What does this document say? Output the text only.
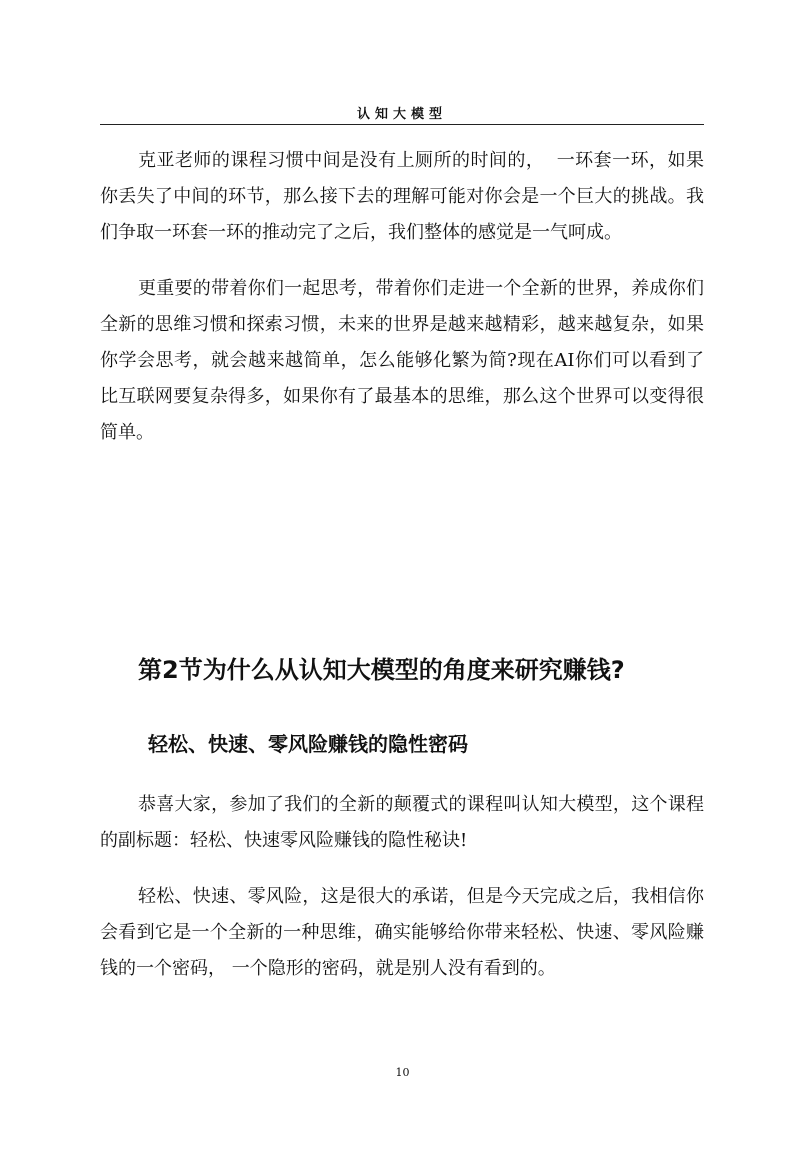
认知大模型

克亚老师的课程习惯中间是没有上厕所的时间的，  一环套一环，如果你丢失了中间的环节，那么接下去的理解可能对你会是一个巨大的挑战。我们争取一环套一环的推动完了之后，我们整体的感觉是一气呵成。

更重要的带着你们一起思考，带着你们走进一个全新的世界，养成你们全新的思维习惯和探索习惯，未来的世界是越来越精彩，越来越复杂，如果你学会思考，就会越来越简单，怎么能够化繁为简?现在AI你们可以看到了比互联网要复杂得多，如果你有了最基本的思维，那么这个世界可以变得很简单。

第2节为什么从认知大模型的角度来研究赚钱?
轻松、快速、零风险赚钱的隐性密码

恭喜大家，参加了我们的全新的颠覆式的课程叫认知大模型，这个课程的副标题：轻松、快速零风险赚钱的隐性秘诀!

轻松、快速、零风险，这是很大的承诺，但是今天完成之后，我相信你会看到它是一个全新的一种思维，确实能够给你带来轻松、快速、零风险赚钱的一个密码， 一个隐形的密码，就是别人没有看到的。

10
